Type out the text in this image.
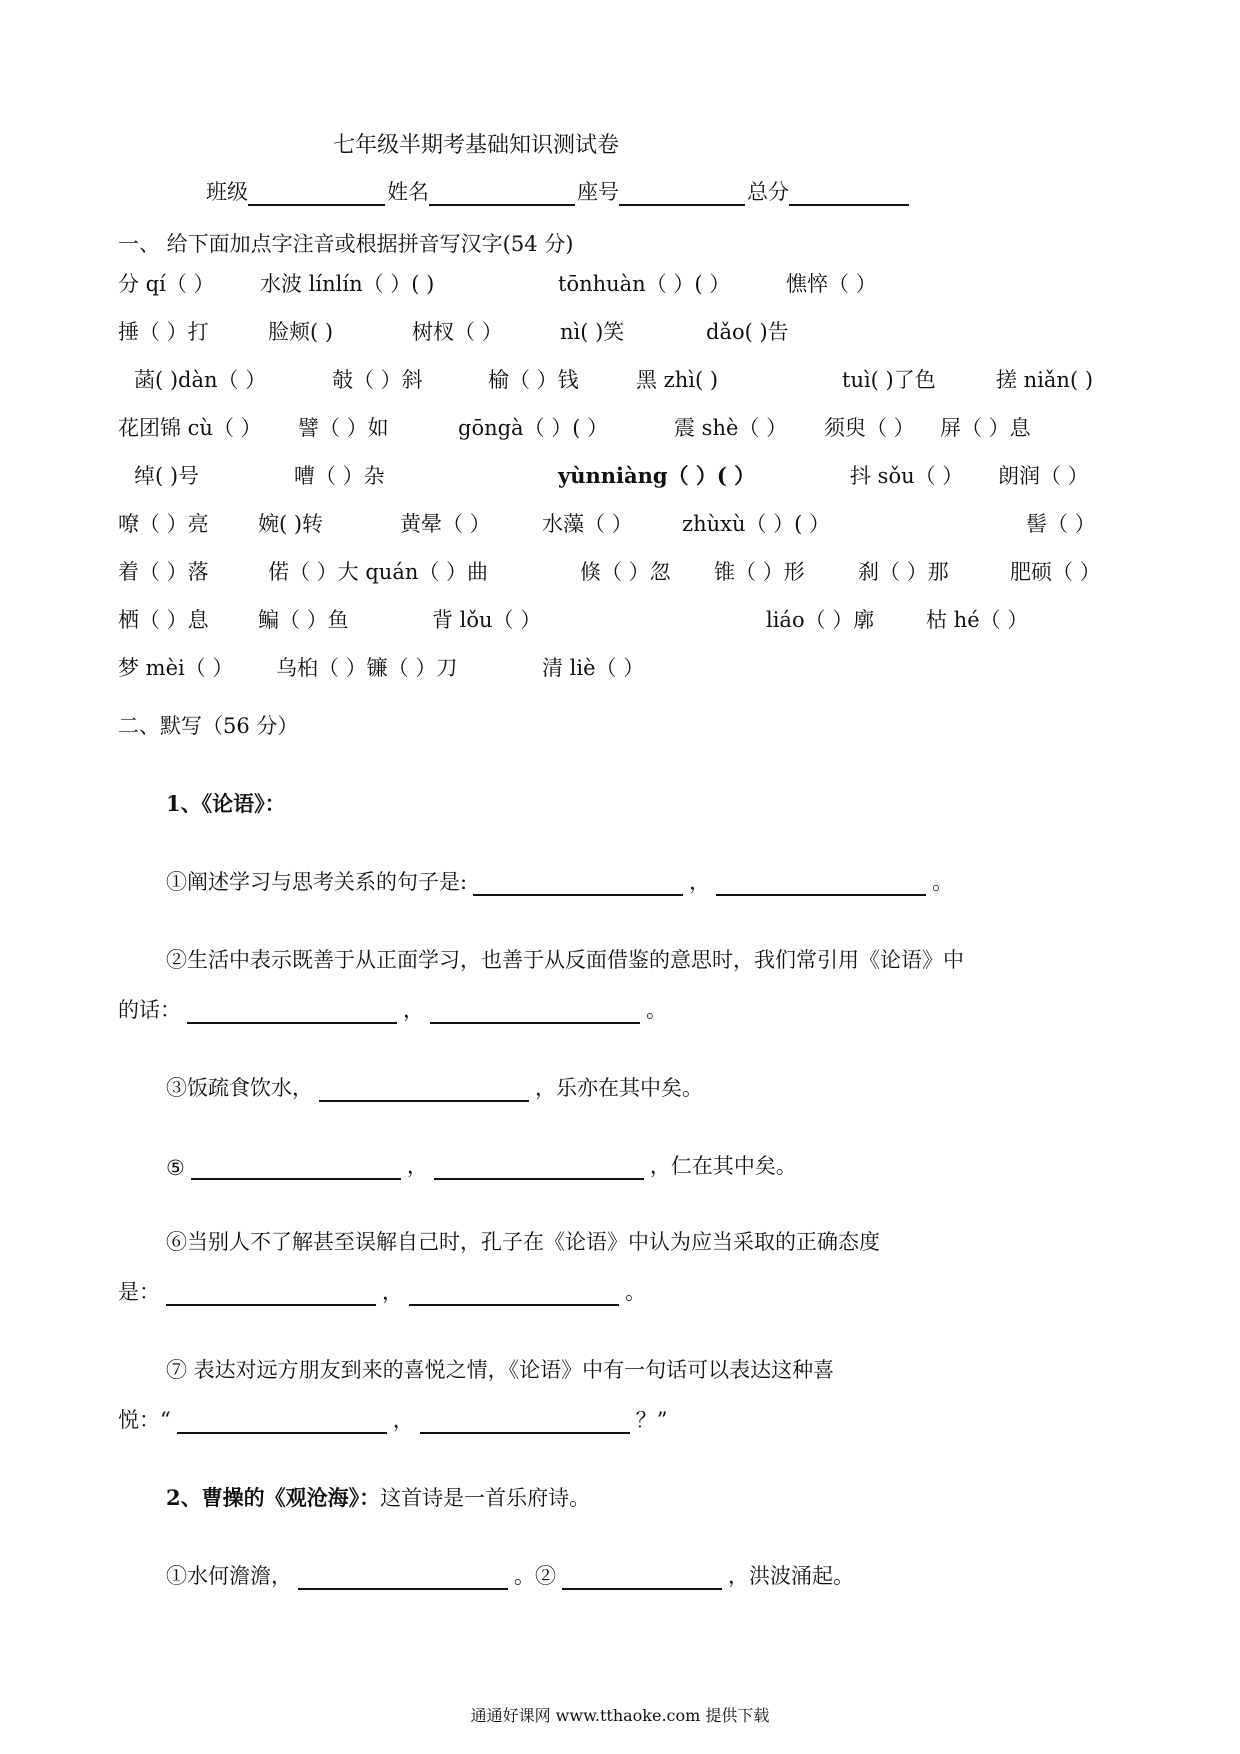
七年级半期考基础知识测试卷
班级	姓名	座号	总分
一、 给下面加点字注音或根据拼音写汉字(54 分)
分 qí（ ） 水波 línlín（ ）( )	tōnhuàn（ ）( ）	憔悴（ ）
捶（ ）打	脸颊( )	树杈（ ）	nì( )笑	dǎo( )告
菡( )dàn（ ）	攲（ ）斜	榆（ ）钱	黑 zhì( )	tuì( )了色	搓 niǎn( )
花团锦 cù（ ） 譬（ ）如	gōngà（ ）( ）	震 shè（ ） 须臾（ ） 屏（ ）息
绰( )号	嘈（ ）杂	yùnniàng（ ）( ）	抖 sǒu（ ） 朗润（ ）
嘹（ ）亮 婉( )转	黄晕（ ） 水藻（ ） zhùxù（ ）( ）	髻（ ）
着（ ）落	偌（ ）大 quán（ ）曲	倏（ ）忽 锥（ ）形	刹（ ）那	肥硕（ ）
栖（ ）息 鳊（ ）鱼	背 lǒu（ ）	liáo（ ）廓 枯 hé（ ）
梦 mèi（ ） 乌桕（ ）镰（ ）刀	清 liè（ ）
二、默写（56 分）
1、《论语》：
①阐述学习与思考关系的句子是:	，	。
②生活中表示既善于从正面学习，也善于从反面借鉴的意思时，我们常引用《论语》中
的话：	，	。
③饭疏食饮水，	，乐亦在其中矣。
⑤	，	，仁在其中矣。
⑥当别人不了解甚至误解自己时，孔子在《论语》中认为应当采取的正确态度
是：	，	。
⑦ 表达对远方朋友到来的喜悦之情，《论语》中有一句话可以表达这种喜
悦：“	，	？”
2、曹操的《观沧海》：这首诗是一首乐府诗。
①水何澹澹，	。②	，洪波涌起。
通通好课网 www.tthaoke.com 提供下载
